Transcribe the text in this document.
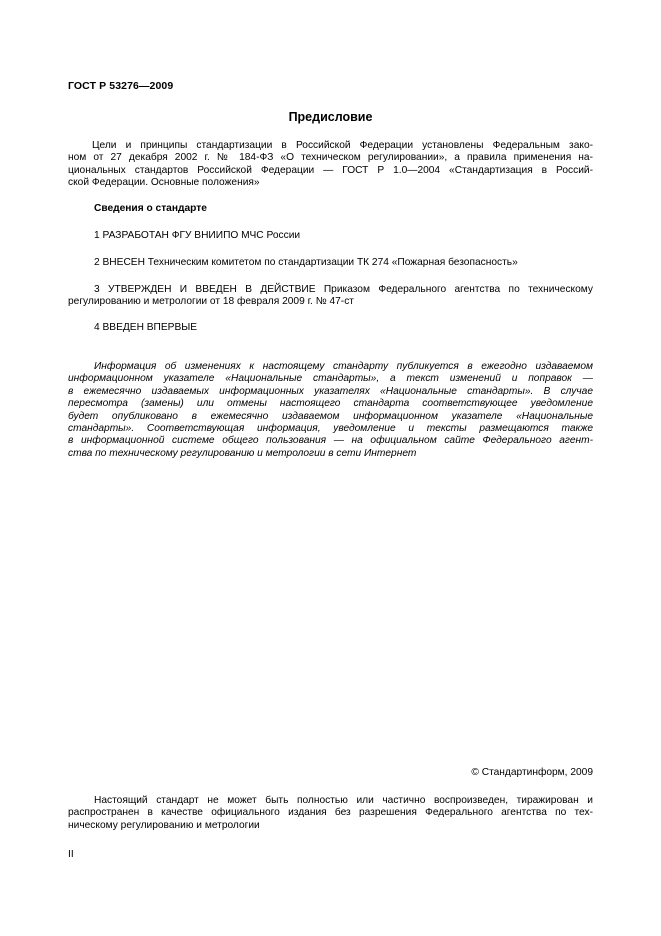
ГОСТ Р 53276—2009
Предисловие
Цели и принципы стандартизации в Российской Федерации установлены Федеральным зако-
ном от 27 декабря 2002 г. № 184-ФЗ «О техническом регулировании», а правила применения на-
циональных стандартов Российской Федерации — ГОСТ Р 1.0—2004 «Стандартизация в Россий-
ской Федерации. Основные положения»
Сведения о стандарте
1 РАЗРАБОТАН ФГУ ВНИИПО МЧС России
2 ВНЕСЕН Техническим комитетом по стандартизации ТК 274 «Пожарная безопасность»
3 УТВЕРЖДЕН И ВВЕДЕН В ДЕЙСТВИЕ Приказом Федерального агентства по техническому
регулированию и метрологии от 18 февраля 2009 г. № 47-ст
4 ВВЕДЕН ВПЕРВЫЕ
Информация об изменениях к настоящему стандарту публикуется в ежегодно издаваемом
информационном указателе «Национальные стандарты», а текст изменений и поправок —
в ежемесячно издаваемых информационных указателях «Национальные стандарты». В случае
пересмотра (замены) или отмены настоящего стандарта соответствующее уведомление
будет опубликовано в ежемесячно издаваемом информационном указателе «Национальные
стандарты». Соответствующая информация, уведомление и тексты размещаются также
в информационной системе общего пользования — на официальном сайте Федерального агент-
ства по техническому регулированию и метрологии в сети Интернет
© Стандартинформ, 2009
Настоящий стандарт не может быть полностью или частично воспроизведен, тиражирован и
распространен в качестве официального издания без разрешения Федерального агентства по тех-
ническому регулированию и метрологии
II
